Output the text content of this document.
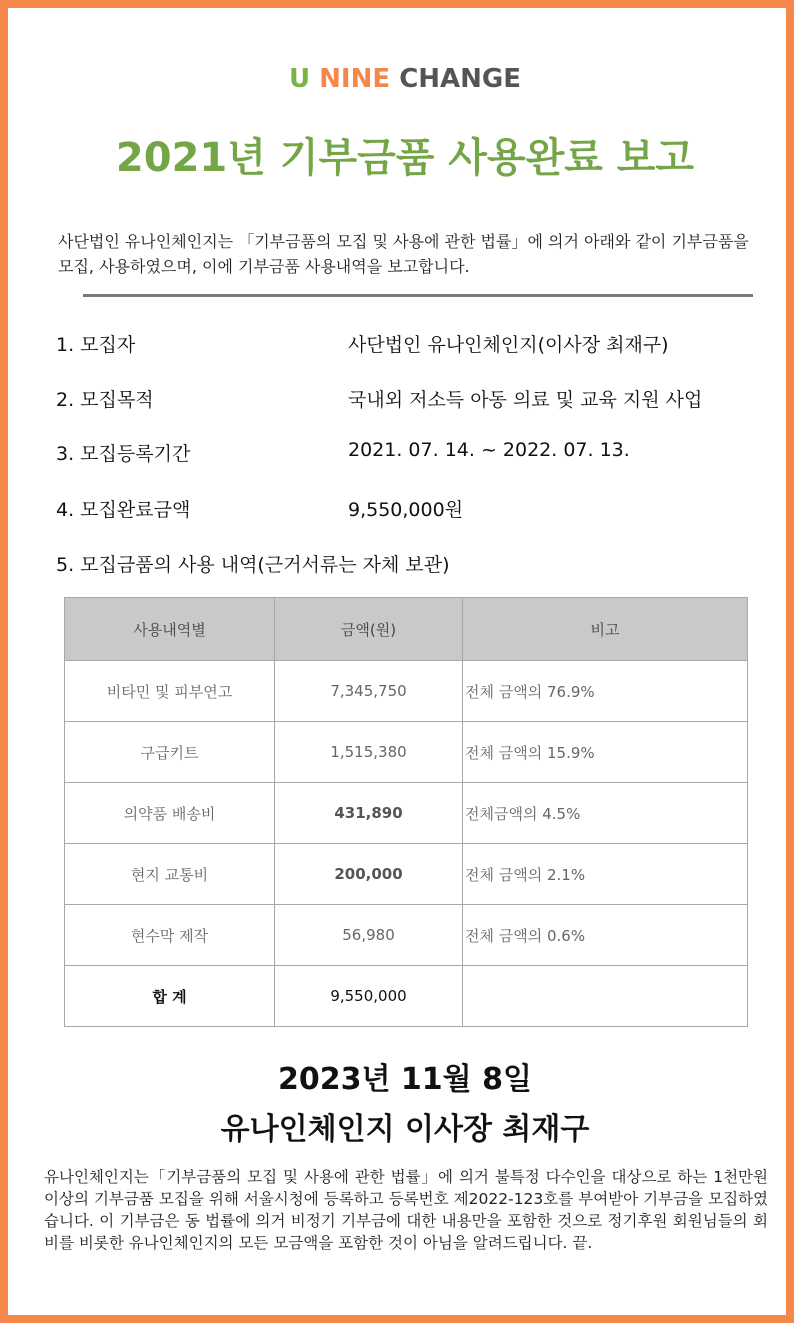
U NINE CHANGE
2021년 기부금품 사용완료 보고
사단법인 유나인체인지는 「기부금품의 모집 및 사용에 관한 법률」에 의거 아래와 같이 기부금품을 모집, 사용하였으며, 이에 기부금품 사용내역을 보고합니다.
1. 모집자	사단법인 유나인체인지(이사장 최재구)
2. 모집목적	국내외 저소득 아동 의료 및 교육 지원 사업
3. 모집등록기간	2021. 07. 14. ~ 2022. 07. 13.
4. 모집완료금액	9,550,000원
5. 모집금품의 사용 내역(근거서류는 자체 보관)
사용내역별	금액(원)	비고
비타민 및 피부연고	7,345,750	전체 금액의 76.9%
구급키트	1,515,380	전체 금액의 15.9%
의약품 배송비	431,890	전체금액의 4.5%
현지 교통비	200,000	전체 금액의 2.1%
현수막 제작	56,980	전체 금액의 0.6%
합 계	9,550,000	
2023년 11월 8일
유나인체인지 이사장 최재구
유나인체인지는「기부금품의 모집 및 사용에 관한 법률」에 의거 불특정 다수인을 대상으로 하는 1천만원 이상의 기부금품 모집을 위해 서울시청에 등록하고 등록번호 제2022-123호를 부여받아 기부금을 모집하였습니다. 이 기부금은 동 법률에 의거 비정기 기부금에 대한 내용만을 포함한 것으로 정기후원 회원님들의 회비를 비롯한 유나인체인지의 모든 모금액을 포함한 것이 아님을 알려드립니다. 끝.
